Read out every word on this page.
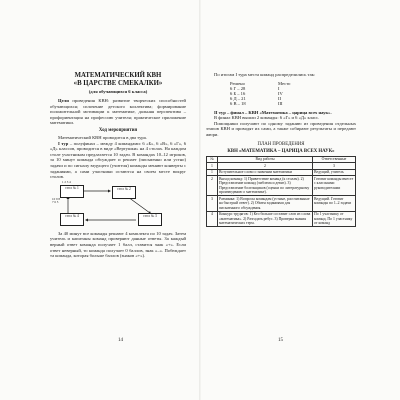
МАТЕМАТИЧЕСКИЙ КВН

«В ЦАРСТВЕ СМЕКАЛКИ»

(для обучающихся 6 класса)

Цели проведения КВН: развитие творческих способностей обучающихся; сплочение детского коллектива; формирование положительной мотивации к математике, дальняя перспектива – профориентация на профессию учителя; практическое приложение математики.

Ход мероприятия

Математический КВН проводится в два тура.

I тур – полуфинал – между 4 командами: 6 «Б», 6 «В», 6 «Г», 6 «Д» классов, проводится в виде «Вертушки» на 4 столах. На каждом столе участникам предлагается 10 задач. В командах 10–12 игроков, за 10 минут команда обсуждает и решает (письменно или устно) задачи и по сигналу ведущего (учителя) команды меняют конверты с заданиями, а сами участники остаются на своем месте вокруг столов.

стол № 1	стол № 2
стол № 3
стол № 4
1 2 3 4
10 9 8 7 6 5

За 40 минут все команды решают 4 комплекта по 10 задач. Затем учитель и капитаны команд проверяют данные ответы. За каждый верный ответ команда получает 1 балл, ставится знак «+». Если ответ неверный, то команда получает 0 баллов, знак «–». Побеждает та команда, которая больше баллов (знаков «+»).

14

По итогам I тура места команд распределились так:

Решено	Место
6 Г – 28	I
6 Б – 16	IV
6 Д – 21	II
6 В – 18	III

II тур – финал – КВН «Математика – царица всех наук».

В финал КВН вышли 2 команды: 6 «Г» и 6 «Д» класс.

Помощники получают по одному заданию из проведения отдельных этапов КВН и проводят их сами, а также собирают результаты и передают жюри.

ПЛАН ПРОВЕДЕНИЯ

КВН «МАТЕМАТИКА – ЦАРИЦА ВСЕХ НАУК»

№	Вид работы	Ответственные
1	2	3
1	Вступительное слово о значении математики	Ведущий, учитель
2	Выход команд: 1) Приветствие команд (к столам). 2) Представление команд (эмблема и девиз). 3) Представление болельщиков (сценки по литературному произведению о математике).	Готовят команды вместе с классными руководителями
3	Разминка: 1) Вопросы командам (устные, рассчитанные на быстрый ответ). 2) Обмен заданиями для письменного обсуждения.	Ведущий. Готовят команды по 1–2 задачи
4	Конкурс трудягов: 1) Кто больше составит слов из слова «математика». 2) Разгадать ребус. 3) Проверка знания математических терм.	По 1 участнику от команд. По 1 участнику от команд
15
